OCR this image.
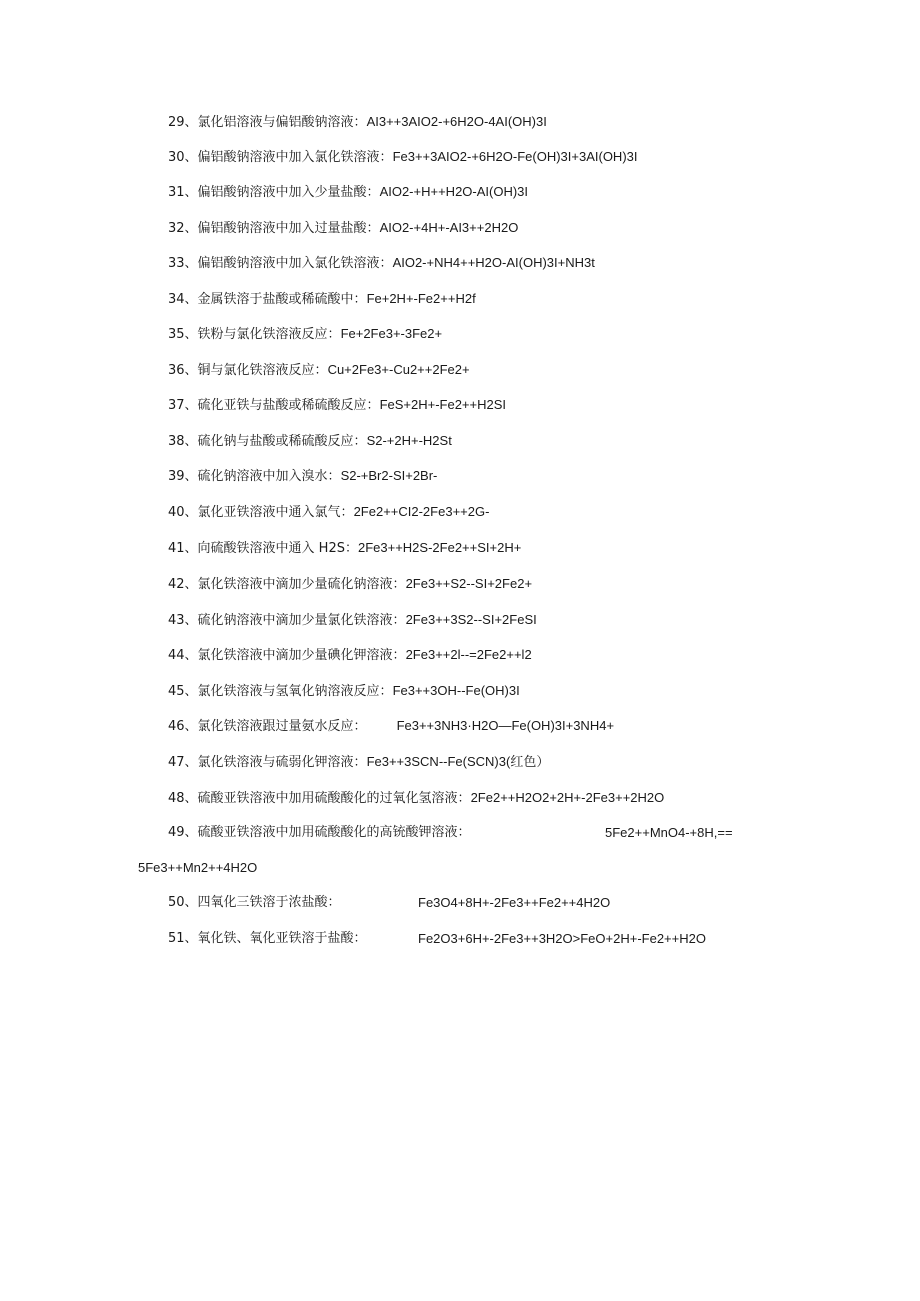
29、氯化铝溶液与偏铝酸钠溶液：AI3++3AIO2-+6H2O-4AI(OH)3I
30、偏铝酸钠溶液中加入氯化铁溶液：Fe3++3AIO2-+6H2O-Fe(OH)3I+3AI(OH)3I
31、偏铝酸钠溶液中加入少量盐酸：AIO2-+H++H2O-AI(OH)3I
32、偏铝酸钠溶液中加入过量盐酸：AIO2-+4H+-AI3++2H2O
33、偏铝酸钠溶液中加入氯化铁溶液：AIO2-+NH4++H2O-AI(OH)3I+NH3t
34、金属铁溶于盐酸或稀硫酸中：Fe+2H+-Fe2++H2f
35、铁粉与氯化铁溶液反应：Fe+2Fe3+-3Fe2+
36、铜与氯化铁溶液反应：Cu+2Fe3+-Cu2++2Fe2+
37、硫化亚铁与盐酸或稀硫酸反应：FeS+2H+-Fe2++H2SI
38、硫化钠与盐酸或稀硫酸反应：S2-+2H+-H2St
39、硫化钠溶液中加入溴水：S2-+Br2-SI+2Br-
40、氯化亚铁溶液中通入氯气：2Fe2++CI2-2Fe3++2G-
41、向硫酸铁溶液中通入 H2S：2Fe3++H2S-2Fe2++SI+2H+
42、氯化铁溶液中滴加少量硫化钠溶液：2Fe3++S2--SI+2Fe2+
43、硫化钠溶液中滴加少量氯化铁溶液：2Fe3++3S2--SI+2FeSI
44、氯化铁溶液中滴加少量碘化钾溶液：2Fe3++2l--=2Fe2++l2
45、氯化铁溶液与氢氧化钠溶液反应：Fe3++3OH--Fe(OH)3I
46、氯化铁溶液跟过量氨水反应： Fe3++3NH3·H2O—Fe(OH)3I+3NH4+
47、氯化铁溶液与硫弱化钾溶液：Fe3++3SCN--Fe(SCN)3(红色）
48、硫酸亚铁溶液中加用硫酸酸化的过氧化氢溶液：2Fe2++H2O2+2H+-2Fe3++2H2O
49、硫酸亚铁溶液中加用硫酸酸化的高铳酸钾溶液：	5Fe2++MnO4-+8H,==
5Fe3++Mn2++4H2O
50、四氧化三铁溶于浓盐酸：	Fe3O4+8H+-2Fe3++Fe2++4H2O
51、氧化铁、氧化亚铁溶于盐酸：	Fe2O3+6H+-2Fe3++3H2O>FeO+2H+-Fe2++H2O
